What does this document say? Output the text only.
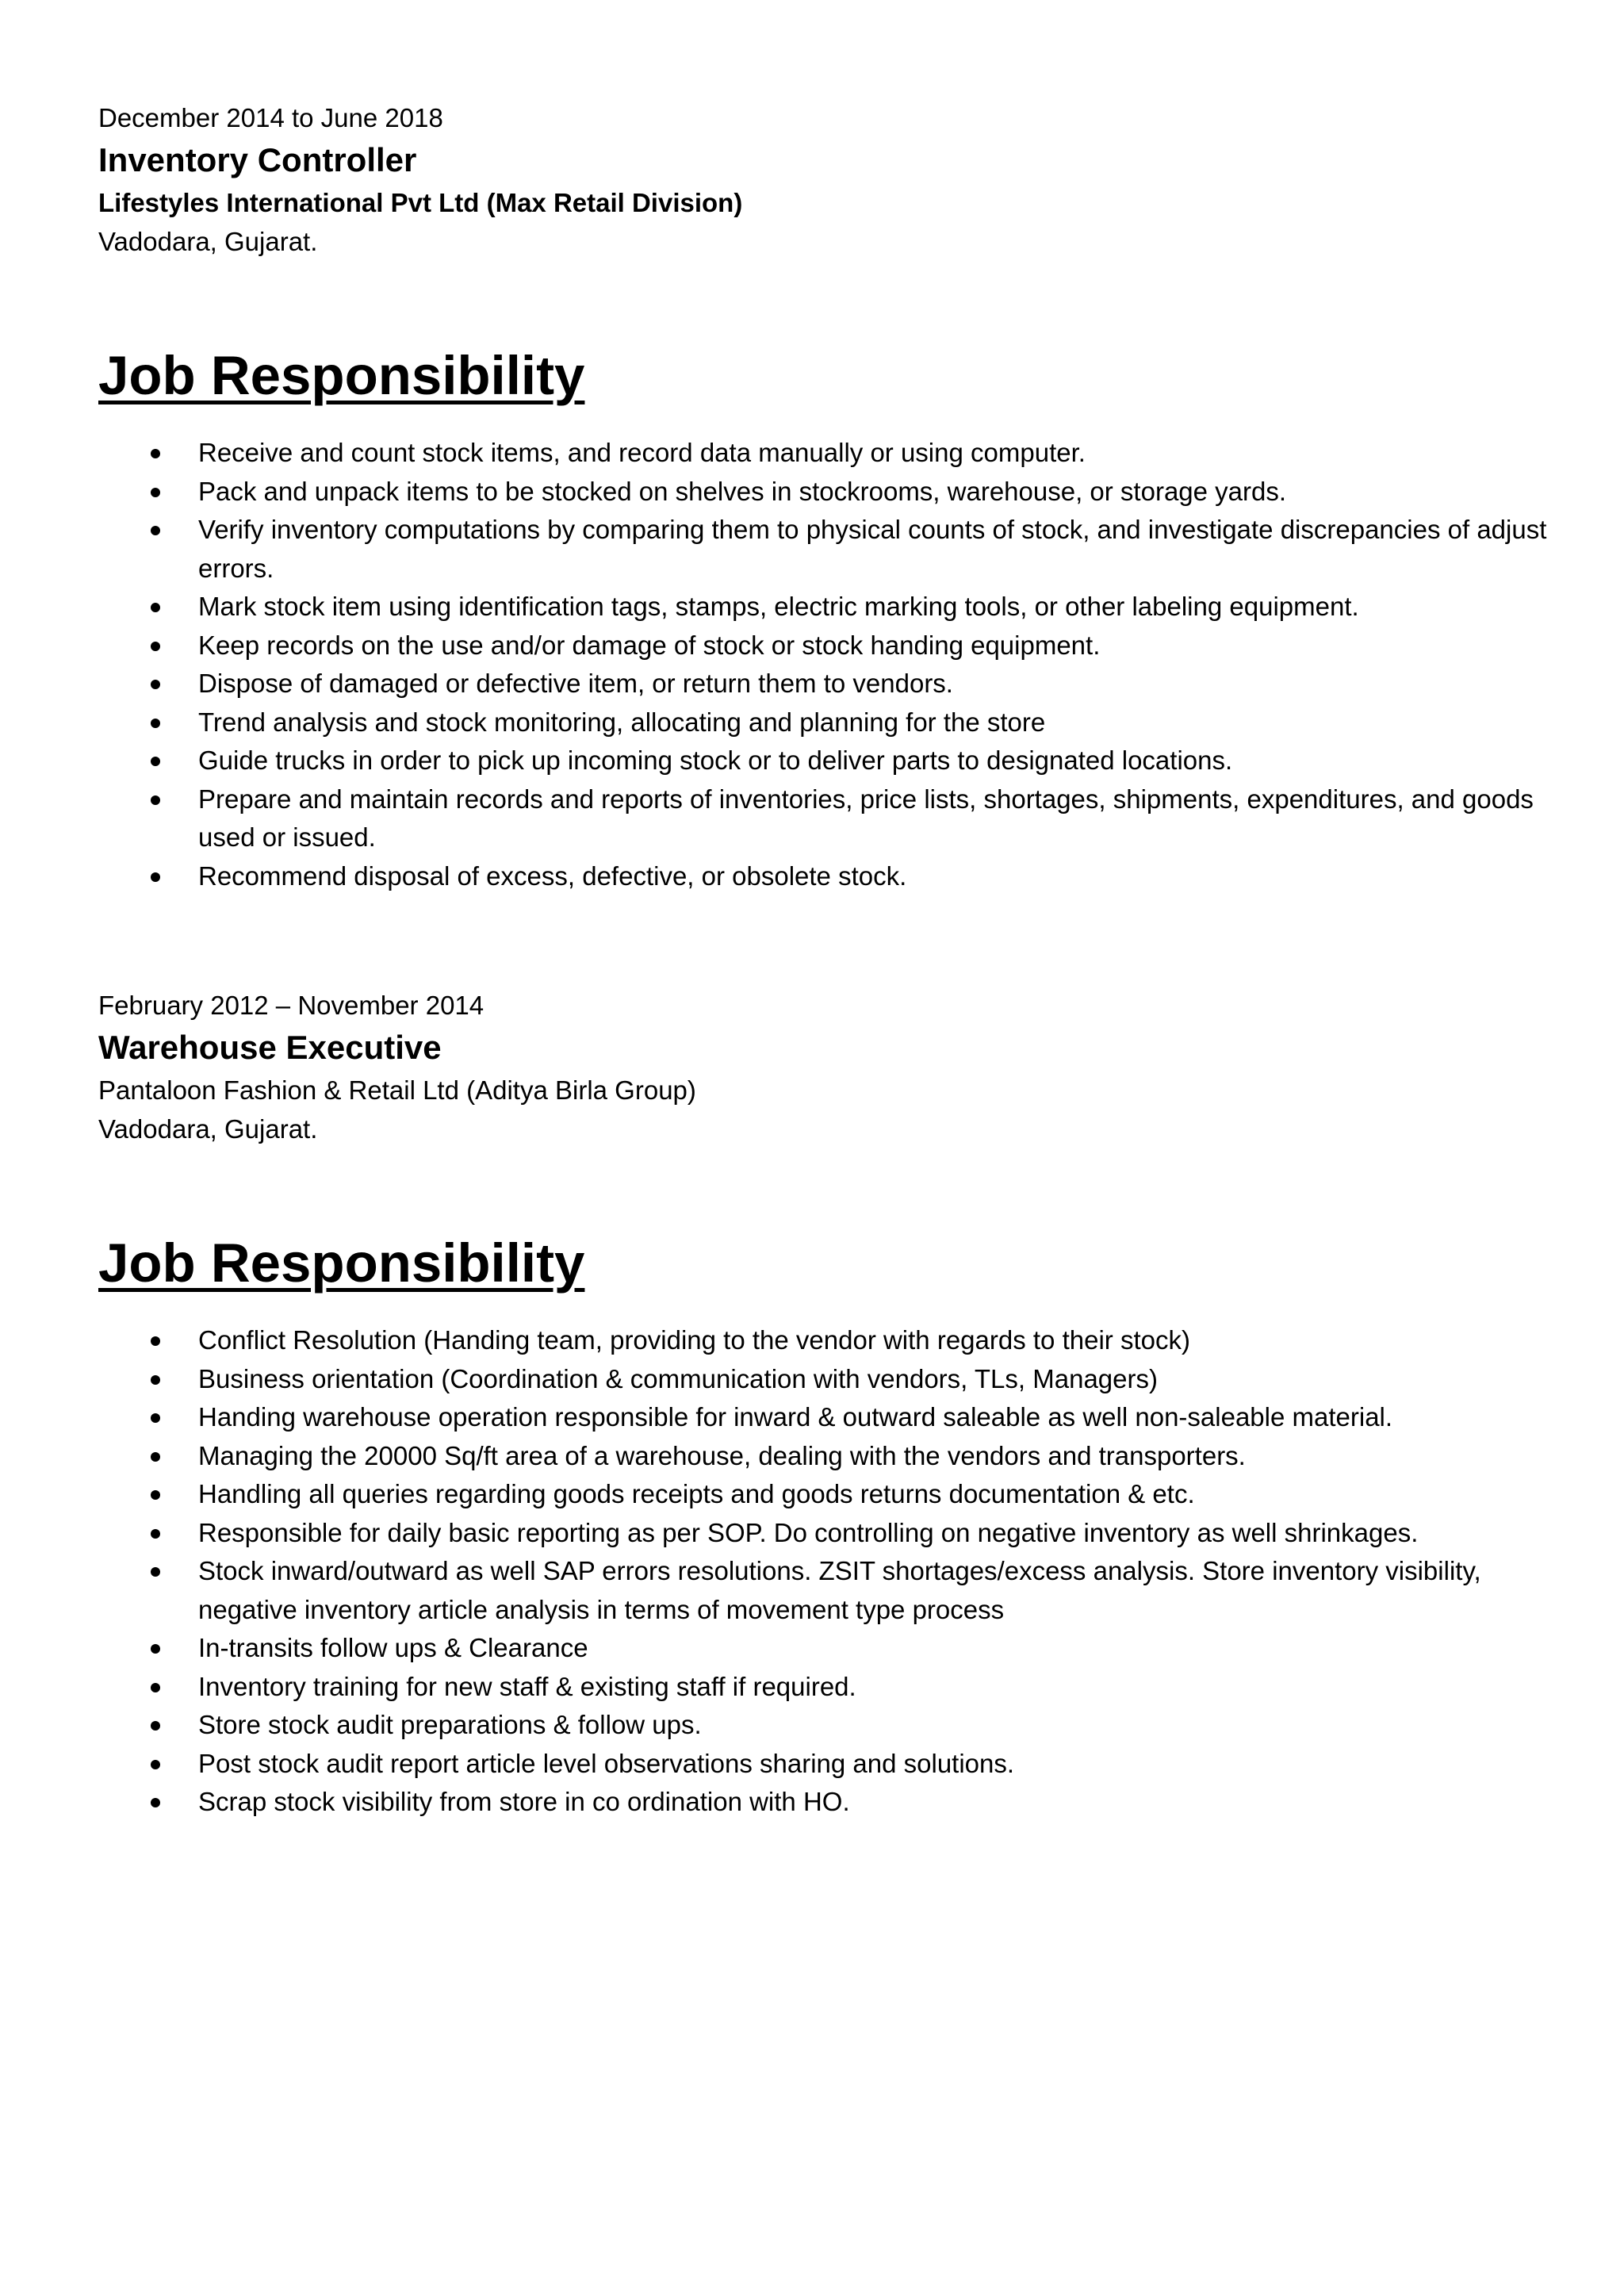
December 2014 to June 2018

Inventory Controller

Lifestyles International Pvt Ltd (Max Retail Division)

Vadodara, Gujarat.

Job Responsibility
Receive and count stock items, and record data manually or using computer.
Pack and unpack items to be stocked on shelves in stockrooms, warehouse, or storage yards.
Verify inventory computations by comparing them to physical counts of stock, and investigate discrepancies of adjust errors.
Mark stock item using identification tags, stamps, electric marking tools, or other labeling equipment.
Keep records on the use and/or damage of stock or stock handing equipment.
Dispose of damaged or defective item, or return them to vendors.
Trend analysis and stock monitoring, allocating and planning for the store
Guide trucks in order to pick up incoming stock or to deliver parts to designated locations.
Prepare and maintain records and reports of inventories, price lists, shortages, shipments, expenditures, and goods used or issued.
Recommend disposal of excess, defective, or obsolete stock.

February 2012 – November 2014

Warehouse Executive

Pantaloon Fashion & Retail Ltd (Aditya Birla Group)

Vadodara, Gujarat.

Job Responsibility
Conflict Resolution (Handing team, providing to the vendor with regards to their stock)
Business orientation (Coordination & communication with vendors, TLs, Managers)
Handing warehouse operation responsible for inward & outward saleable as well non-saleable material.
Managing the 20000 Sq/ft area of a warehouse, dealing with the vendors and transporters.
Handling all queries regarding goods receipts and goods returns documentation & etc.
Responsible for daily basic reporting as per SOP. Do controlling on negative inventory as well shrinkages.
Stock inward/outward as well SAP errors resolutions. ZSIT shortages/excess analysis. Store inventory visibility, negative inventory article analysis in terms of movement type process
In-transits follow ups & Clearance
Inventory training for new staff & existing staff if required.
Store stock audit preparations & follow ups.
Post stock audit report article level observations sharing and solutions.
Scrap stock visibility from store in co ordination with HO.
